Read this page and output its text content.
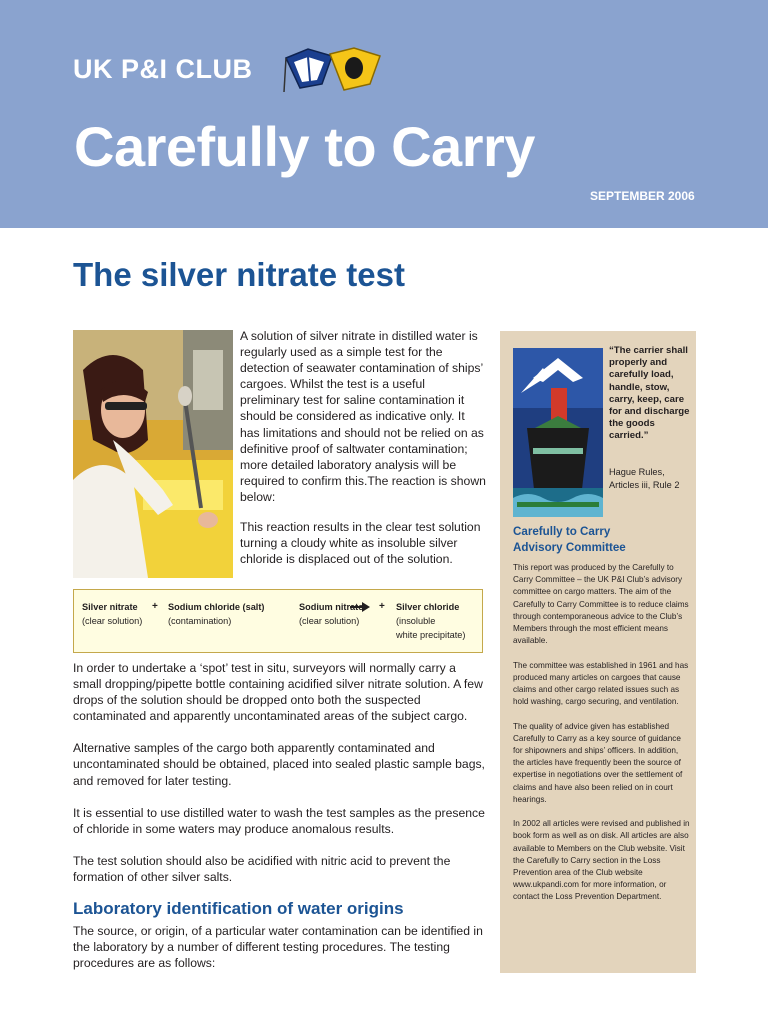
UK P&I CLUB
Carefully to Carry
SEPTEMBER 2006
The silver nitrate test

A solution of silver nitrate in distilled water is regularly used as a simple test for the detection of seawater contamination of ships’ cargoes. Whilst the test is a useful preliminary test for saline contamination it should be considered as indicative only. It has limitations and should not be relied on as definitive proof of saltwater contamination; more detailed laboratory analysis will be required to confirm this.The reaction is shown below:

This reaction results in the clear test solution turning a cloudy white as insoluble silver chloride is displaced out of the solution.

Silver nitrate
(clear solution)
+ Sodium chloride (salt)
(contamination)
Sodium nitrate
(clear solution)
+ Silver chloride
(insoluble
white precipitate)

In order to undertake a ‘spot’ test in situ, surveyors will normally carry a small dropping/pipette bottle containing acidified silver nitrate solution. A few drops of the solution should be dropped onto both the suspected contaminated and apparently uncontaminated areas of the subject cargo.

Alternative samples of the cargo both apparently contaminated and uncontaminated should be obtained, placed into sealed plastic sample bags, and removed for later testing.

It is essential to use distilled water to wash the test samples as the presence of chloride in some waters may produce anomalous results.

The test solution should also be acidified with nitric acid to prevent the formation of other silver salts.

Laboratory identification of water origins

The source, or origin, of a particular water contamination can be identified in the laboratory by a number of different testing procedures. The testing procedures are as follows:

“The carrier shall properly and carefully load, handle, stow, carry, keep, care for and discharge the goods carried.”
Hague Rules,
Articles iii, Rule 2
Carefully to Carry
Advisory Committee

This report was produced by the Carefully to Carry Committee – the UK P&I Club’s advisory committee on cargo matters. The aim of the Carefully to Carry Committee is to reduce claims through contemporaneous advice to the Club’s Members through the most efficient means available.

The committee was established in 1961 and has produced many articles on cargoes that cause claims and other cargo related issues such as hold washing, cargo securing, and ventilation.

The quality of advice given has established Carefully to Carry as a key source of guidance for shipowners and ships’ officers. In addition, the articles have frequently been the source of expertise in negotiations over the settlement of claims and have also been relied on in court hearings.

In 2002 all articles were revised and published in book form as well as on disk. All articles are also available to Members on the Club website. Visit the Carefully to Carry section in the Loss Prevention area of the Club website www.ukpandi.com for more information, or contact the Loss Prevention Department.
